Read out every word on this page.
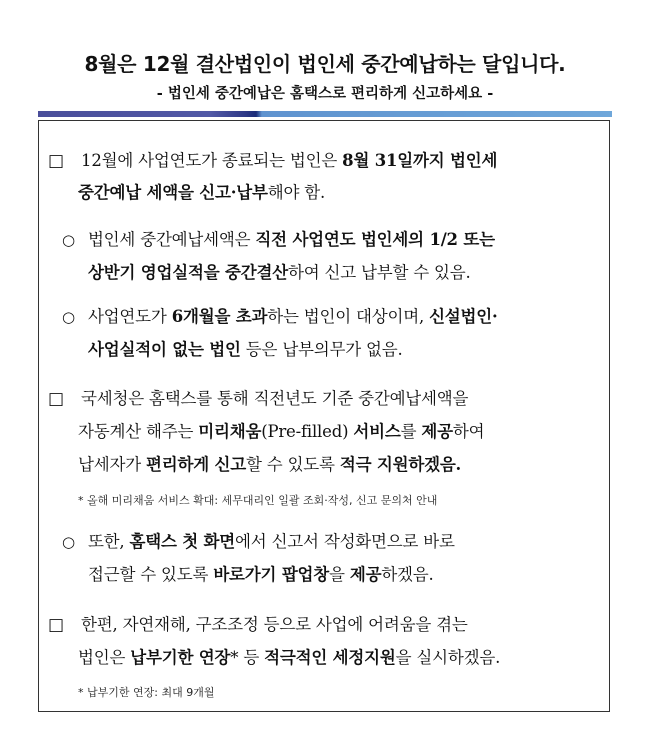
8월은 12월 결산법인이 법인세 중간예납하는 달입니다.
- 법인세 중간예납은 홈택스로 편리하게 신고하세요 -
□ 12월에 사업연도가 종료되는 법인은 8월 31일까지 법인세
중간예납 세액을 신고·납부해야 함.
○ 법인세 중간예납세액은 직전 사업연도 법인세의 1/2 또는
상반기 영업실적을 중간결산하여 신고 납부할 수 있음.
○ 사업연도가 6개월을 초과하는 법인이 대상이며, 신설법인·
사업실적이 없는 법인 등은 납부의무가 없음.
□ 국세청은 홈택스를 통해 직전년도 기준 중간예납세액을
자동계산 해주는 미리채움(Pre-filled) 서비스를 제공하여
납세자가 편리하게 신고할 수 있도록 적극 지원하겠음.
* 올해 미리채움 서비스 확대: 세무대리인 일괄 조회·작성, 신고 문의처 안내
○ 또한, 홈택스 첫 화면에서 신고서 작성화면으로 바로
접근할 수 있도록 바로가기 팝업창을 제공하겠음.
□ 한편, 자연재해, 구조조정 등으로 사업에 어려움을 겪는
법인은 납부기한 연장* 등 적극적인 세정지원을 실시하겠음.
* 납부기한 연장: 최대 9개월
